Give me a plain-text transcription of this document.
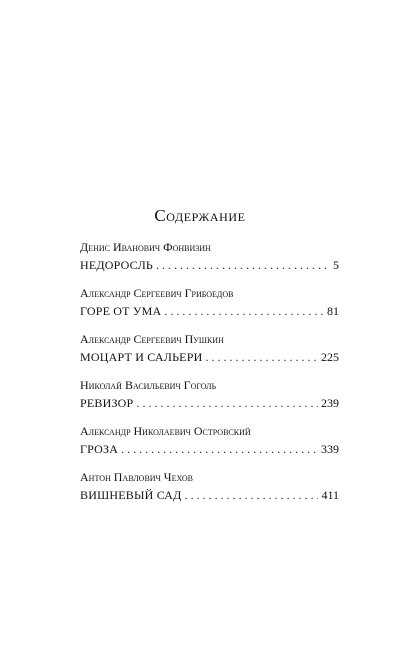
Содержание
Денис Иванович Фонвизин
НЕДОРОСЛЬ . . .	5
Александр Сергеевич Грибоедов
ГОРЕ ОТ УМА . . .	81
Александр Сергеевич Пушкин
МОЦАРТ И САЛЬЕРИ . . .	225
Николай Васильевич Гоголь
РЕВИЗОР . . .	239
Александр Николаевич Островский
ГРОЗА . . .	339
Антон Павлович Чехов
ВИШНЕВЫЙ САД . . .	411
